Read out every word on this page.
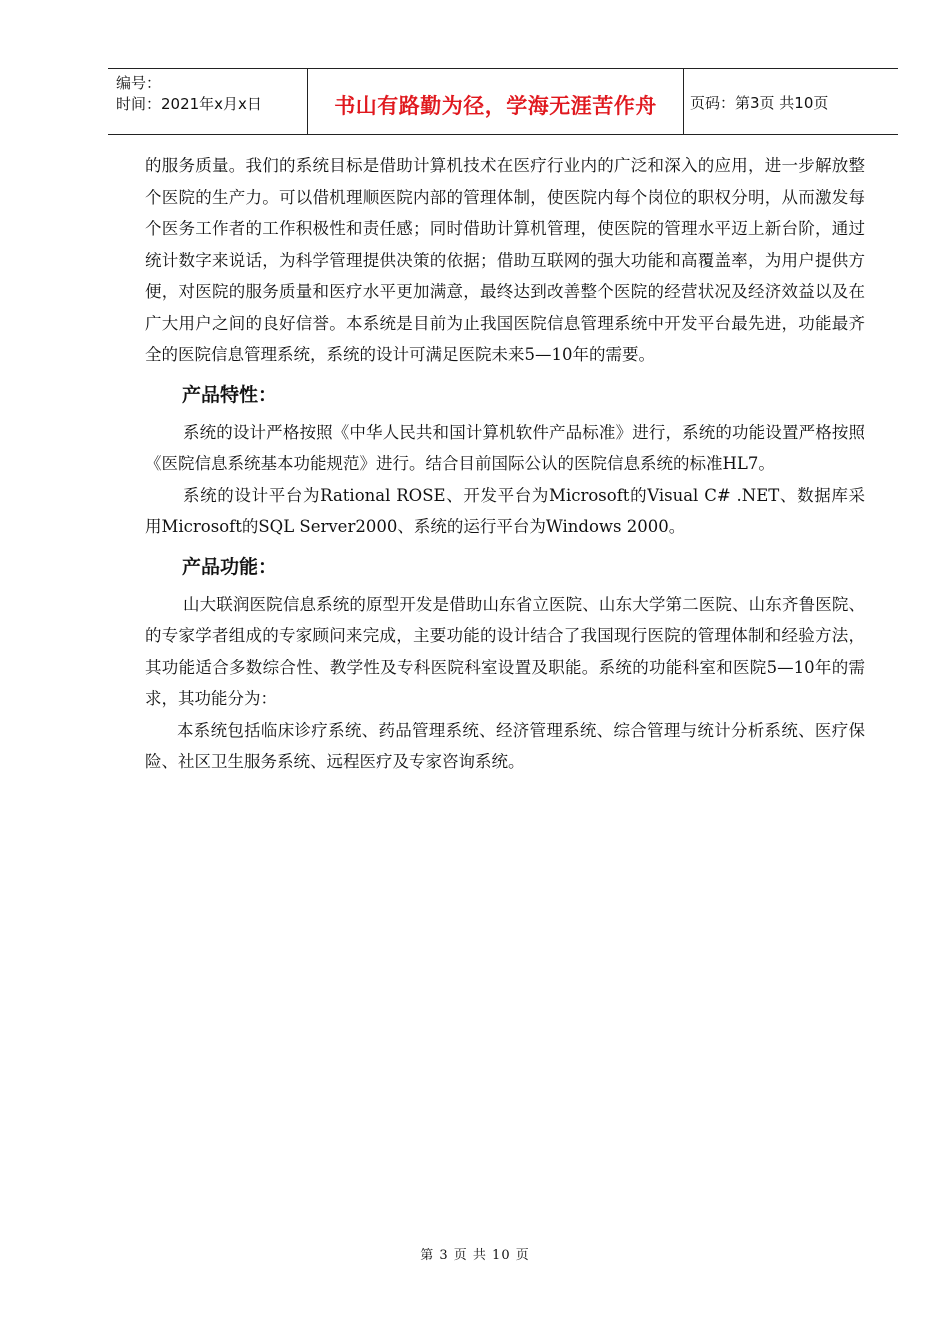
编号：
时间：2021年x月x日	书山有路勤为径，学海无涯苦作舟	页码：第3页 共10页

的服务质量。我们的系统目标是借助计算机技术在医疗行业内的广泛和深入的应用，进一步解放整个医院的生产力。可以借机理顺医院内部的管理体制，使医院内每个岗位的职权分明，从而激发每个医务工作者的工作积极性和责任感；同时借助计算机管理，使医院的管理水平迈上新台阶，通过统计数字来说话，为科学管理提供决策的依据；借助互联网的强大功能和高覆盖率，为用户提供方便，对医院的服务质量和医疗水平更加满意，最终达到改善整个医院的经营状况及经济效益以及在广大用户之间的良好信誉。本系统是目前为止我国医院信息管理系统中开发平台最先进，功能最齐全的医院信息管理系统，系统的设计可满足医院未来5—10年的需要。

产品特性：

系统的设计严格按照《中华人民共和国计算机软件产品标准》进行，系统的功能设置严格按照《医院信息系统基本功能规范》进行。结合目前国际公认的医院信息系统的标准HL7。

系统的设计平台为Rational ROSE、开发平台为Microsoft的Visual C# .NET、数据库采用Microsoft的SQL Server2000、系统的运行平台为Windows 2000。

产品功能：

山大联润医院信息系统的原型开发是借助山东省立医院、山东大学第二医院、山东齐鲁医院、的专家学者组成的专家顾问来完成，主要功能的设计结合了我国现行医院的管理体制和经验方法，其功能适合多数综合性、教学性及专科医院科室设置及职能。系统的功能科室和医院5—10年的需求，其功能分为：

本系统包括临床诊疗系统、药品管理系统、经济管理系统、综合管理与统计分析系统、医疗保险、社区卫生服务系统、远程医疗及专家咨询系统。

第 3 页 共 10 页
